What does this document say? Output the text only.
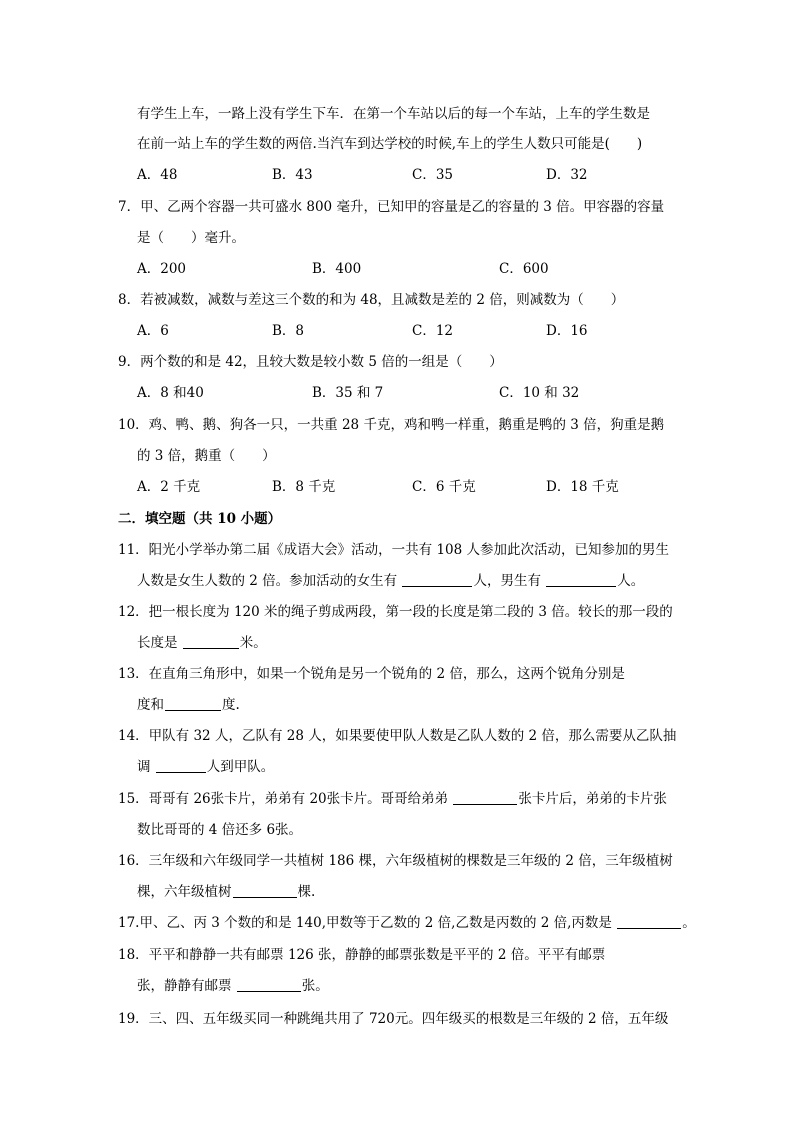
有学生上车，一路上没有学生下车．在第一个车站以后的每一个车站，上车的学生数是
在前一站上车的学生数的两倍.当汽车到达学校的时候,车上的学生人数只可能是(　　)
A．48	B．43	C．35	D．32
7．甲、乙两个容器一共可盛水 800 毫升，已知甲的容量是乙的容量的 3 倍。甲容器的容量
是（　　）毫升。
A．200	B．400	C．600
8．若被减数，减数与差这三个数的和为 48，且减数是差的 2 倍，则减数为（　　）
A．6	B．8	C．12	D．16
9．两个数的和是 42，且较大数是较小数 5 倍的一组是（　　）
A．8 和40	B．35 和 7	C．10 和 32
10．鸡、鸭、鹅、狗各一只，一共重 28 千克，鸡和鸭一样重，鹅重是鸭的 3 倍，狗重是鹅
的 3 倍，鹅重（　　）
A．2 千克	B．8 千克	C．6 千克	D．18 千克
二．填空题（共 10 小题）
11．阳光小学举办第二届《成语大会》活动，一共有 108 人参加此次活动，已知参加的男生
人数是女生人数的 2 倍。参加活动的女生有	人，男生有	人。
12．把一根长度为 120 米的绳子剪成两段，第一段的长度是第二段的 3 倍。较长的那一段的
长度是	米。
13．在直角三角形中，如果一个锐角是另一个锐角的 2 倍，那么，这两个锐角分别是
度和	度.
14．甲队有 32 人，乙队有 28 人，如果要使甲队人数是乙队人数的 2 倍，那么需要从乙队抽
调	人到甲队。
15．哥哥有 26张卡片，弟弟有 20张卡片。哥哥给弟弟	张卡片后，弟弟的卡片张
数比哥哥的 4 倍还多 6张。
16．三年级和六年级同学一共植树 186 棵，六年级植树的棵数是三年级的 2 倍，三年级植树
棵，六年级植树	棵.
17.甲、乙、丙 3 个数的和是 140,甲数等于乙数的 2 倍,乙数是丙数的 2 倍,丙数是	。
18．平平和静静一共有邮票 126 张，静静的邮票张数是平平的 2 倍。平平有邮票
张，静静有邮票	张。
19．三、四、五年级买同一种跳绳共用了 720元。四年级买的根数是三年级的 2 倍，五年级
